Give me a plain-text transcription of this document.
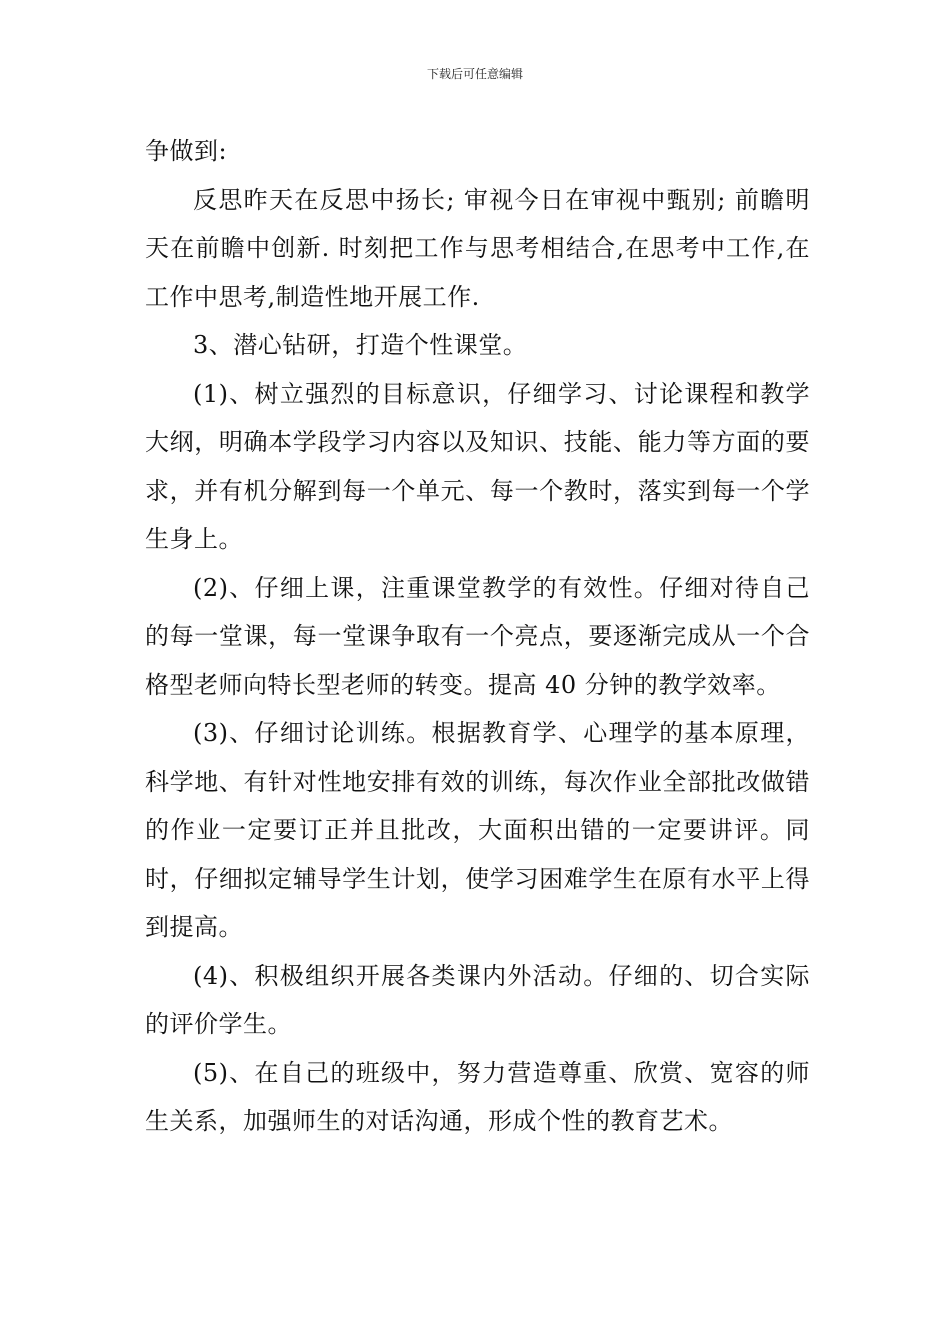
下载后可任意编辑

争做到:

反思昨天在反思中扬长; 审视今日在审视中甄别; 前瞻明天在前瞻中创新. 时刻把工作与思考相结合,在思考中工作,在工作中思考,制造性地开展工作.

3、潜心钻研，打造个性课堂。

(1)、树立强烈的目标意识，仔细学习、讨论课程和教学大纲，明确本学段学习内容以及知识、技能、能力等方面的要求，并有机分解到每一个单元、每一个教时，落实到每一个学生身上。

(2)、仔细上课，注重课堂教学的有效性。仔细对待自己的每一堂课，每一堂课争取有一个亮点，要逐渐完成从一个合格型老师向特长型老师的转变。提高 40 分钟的教学效率。

(3)、仔细讨论训练。根据教育学、心理学的基本原理，科学地、有针对性地安排有效的训练，每次作业全部批改做错的作业一定要订正并且批改，大面积出错的一定要讲评。同时，仔细拟定辅导学生计划，使学习困难学生在原有水平上得到提高。

(4)、积极组织开展各类课内外活动。仔细的、切合实际的评价学生。

(5)、在自己的班级中，努力营造尊重、欣赏、宽容的师生关系，加强师生的对话沟通，形成个性的教育艺术。
